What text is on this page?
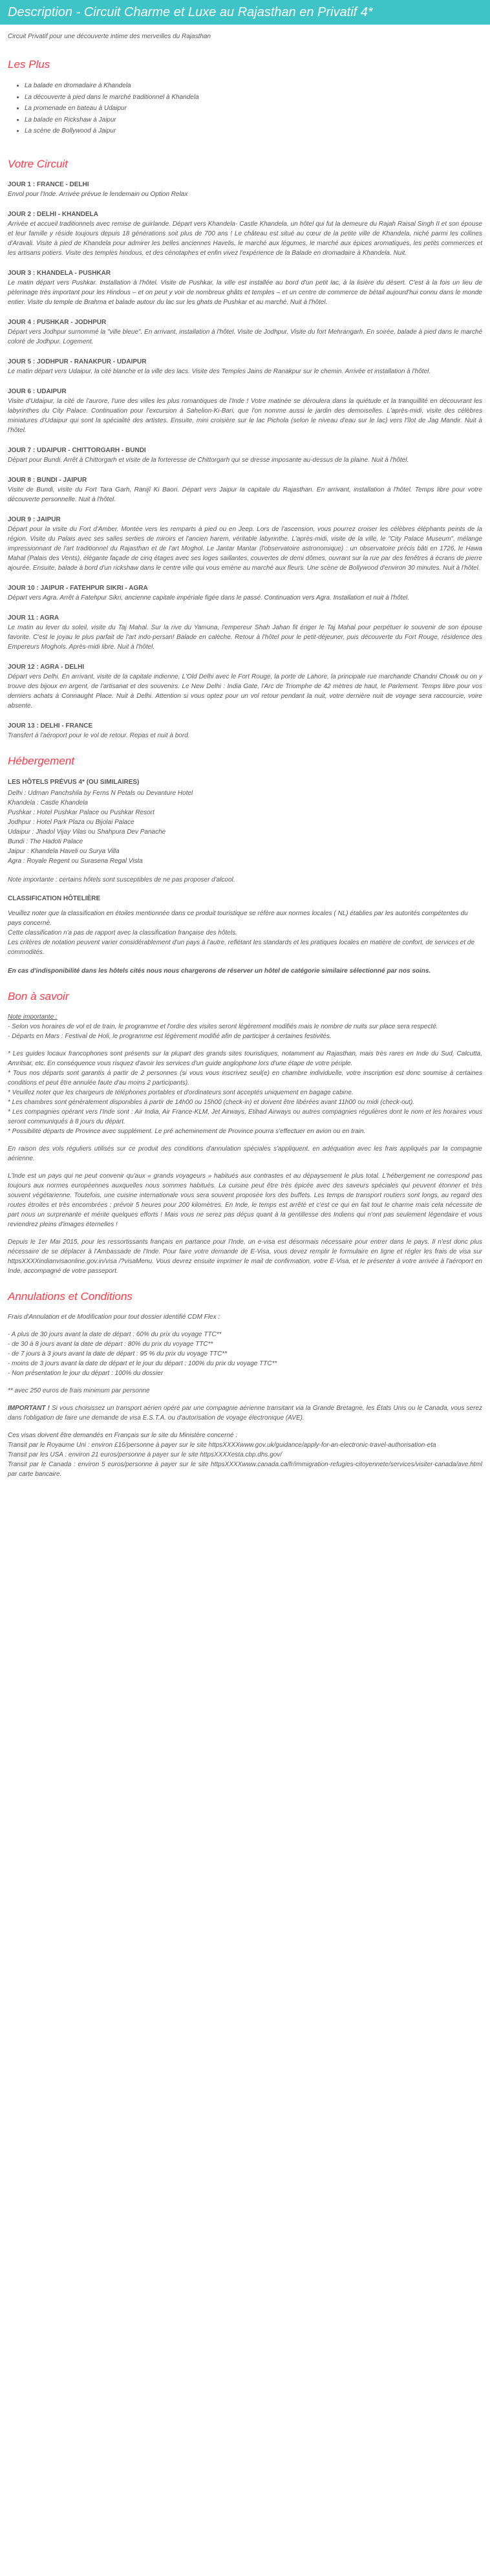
Description - Circuit Charme et Luxe au Rajasthan en Privatif 4*

Circuit Privatif pour une découverte intime des merveilles du Rajasthan

Les Plus
• La balade en dromadaire à Khandela
• La découverte à pied dans le marché traditionnel à Khandela
• La promenade en bateau à Udaipur
• La balade en Rickshaw à Jaipur
• La scène de Bollywood à Jaipur
Votre Circuit
JOUR 1 : FRANCE - DELHI

Envol pour l'Inde. Arrivée prévue le lendemain ou Option Relax

JOUR 2 : DELHI - KHANDELA

Arrivée et accueil traditionnels avec remise de guirlande. Départ vers Khandela- Castle Khandela, un hôtel qui fut la demeure du Rajah Raisal Singh II et son épouse et leur famille y réside toujours depuis 18 générations soit plus de 700 ans ! Le château est situé au cœur de la petite ville de Khandela, niché parmi les collines d'Aravali. Visite à pied de Khandela pour admirer les belles anciennes Havelis, le marché aux légumes, le marché aux épices aromatiques, les petits commerces et les artisans potiers. Visite des temples hindous, et des cénotaphes et enfin vivez l'expérience de la Balade en dromadaire à Khandela. Nuit.

JOUR 3 : KHANDELA - PUSHKAR

Le matin départ vers Pushkar. Installation à l'hôtel. Visite de Pushkar, la ville est installée au bord d'un petit lac, à la lisière du désert. C'est à la fois un lieu de pèlerinage très important pour les Hindous – et on peut y voir de nombreux ghâts et temples – et un centre de commerce de bétail aujourd'hui connu dans le monde entier. Visite du temple de Brahma et balade autour du lac sur les ghats de Pushkar et au marché. Nuit à l'hôtel.

JOUR 4 : PUSHKAR - JODHPUR

Départ vers Jodhpur surnommé la "ville bleue". En arrivant, installation à l'hôtel. Visite de Jodhpur. Visite du fort Mehrangarh. En soirée, balade à pied dans le marché coloré de Jodhpur. Logement.

JOUR 5 : JODHPUR - RANAKPUR - UDAIPUR

Le matin départ vers Udaipur, la cité blanche et la ville des lacs. Visite des Temples Jains de Ranakpur sur le chemin. Arrivée et installation à l'hôtel.

JOUR 6 : UDAIPUR

Visite d'Udaipur, la cité de l'aurore, l'une des villes les plus romantiques de l'Inde ! Votre matinée se déroulera dans la quiétude et la tranquillité en découvrant les labyrinthes du City Palace. Continuation pour l'excursion à Sahelion-Ki-Bari, que l'on nomme aussi le jardin des demoiselles. L'après-midi, visite des célèbres miniatures d'Udaipur qui sont la spécialité des artistes. Ensuite, mini croisière sur le lac Pichola (selon le niveau d'eau sur le lac) vers l'îlot de Jag Mandir. Nuit à l'hôtel.

JOUR 7 : UDAIPUR - CHITTORGARH - BUNDI

Départ pour Bundi. Arrêt à Chittorgarh et visite de la forteresse de Chittorgarh qui se dresse imposante au-dessus de la plaine. Nuit à l'hôtel.

JOUR 8 : BUNDI - JAIPUR

Visite de Bundi, visite du Fort Tara Garh, Ranijî Ki Baori. Départ vers Jaipur la capitale du Rajasthan. En arrivant, installation à l'hôtel. Temps libre pour votre découverte personnelle. Nuit à l'hôtel.

JOUR 9 : JAIPUR

Départ pour la visite du Fort d'Amber. Montée vers les remparts à pied ou en Jeep. Lors de l'ascension, vous pourrez croiser les célèbres éléphants peints de la région. Visite du Palais avec ses salles serties de miroirs et l'ancien harem, véritable labyrinthe. L'après-midi, visite de la ville, le "City Palace Museum", mélange impressionnant de l'art traditionnel du Rajasthan et de l'art Moghol. Le Jantar Mantar (l'observatoire astronomique) : un observatoire précis bâti en 1726, le Hawa Mahal (Palais des Vents), élégante façade de cinq étages avec ses loges saillantes, couvertes de demi dômes, ouvrant sur la rue par des fenêtres à écrans de pierre ajourée. Ensuite, balade à bord d'un rickshaw dans le centre ville qui vous emène au marché aux fleurs. Une scène de Bollywood d'environ 30 minutes. Nuit à l'hôtel.

JOUR 10 : JAIPUR - FATEHPUR SIKRI - AGRA

Départ vers Agra. Arrêt à Fatehpur Sikri, ancienne capitale impériale figée dans le passé. Continuation vers Agra. Installation et nuit à l'hôtel.

JOUR 11 : AGRA

Le matin au lever du soleil, visite du Taj Mahal. Sur la rive du Yamuna, l'empereur Shah Jahan fit ériger le Taj Mahal pour perpétuer le souvenir de son épouse favorite. C'est le joyau le plus parfait de l'art indo-persan! Balade en calèche. Retour à l'hôtel pour le petit-déjeuner, puis découverte du Fort Rouge, résidence des Empereurs Moghols. Après-midi libre. Nuit à l'hôtel.

JOUR 12 : AGRA - DELHI

Départ vers Delhi. En arrivant, visite de la capitale indienne, L'Old Delhi avec le Fort Rouge, la porte de Lahore, la principale rue marchande Chandni Chowk ou on y trouve des bijoux en argent, de l'artisanat et des souvenirs. Le New Delhi : India Gate, l'Arc de Triomphe de 42 mètres de haut, le Parlement. Temps libre pour vos derniers achats à Connaught Place. Nuit à Delhi. Attention si vous optez pour un vol retour pendant la nuit, votre dernière nuit de voyage sera raccourcie, voire absente.

JOUR 13 : DELHI - FRANCE

Transfert à l'aéroport pour le vol de retour. Repas et nuit à bord.

Hébergement
LES HÔTELS PRÉVUS 4* (OU SIMILAIRES)
Delhi : Udman Panchshila by Ferns N Petals ou Devanture Hotel
Khandela : Castle Khandela
Pushkar : Hotel Pushkar Palace ou Pushkar Resort
Jodhpur : Hotel Park Plaza ou Bijolai Palace
Udaipur : Jhadol Vijay Vilas ou Shahpura Dev Panache
Bundi : The Hadoti Palace
Jaipur : Khandela Haveli ou Surya Villa
Agra : Royale Regent ou Surasena Regal Vista

Note importante : certains hôtels sont susceptibles de ne pas proposer d'alcool.

CLASSIFICATION HÔTELIÈRE

Veuillez noter que la classification en étoiles mentionnée dans ce produit touristique se réfère aux normes locales ( NL) établies par les autorités compétentes du pays concerné.

Cette classification n'a pas de rapport avec la classification française des hôtels.

Les critères de notation peuvent varier considérablement d'un pays à l'autre, reflétant les standards et les pratiques locales en matière de confort, de services et de commodités.

En cas d'indisponibilité dans les hôtels cités nous nous chargerons de réserver un hôtel de catégorie similaire sélectionné par nos soins.

Bon à savoir

Note importante :

- Selon vos horaires de vol et de train, le programme et l'ordre des visites seront légèrement modifiés mais le nombre de nuits sur place sera respecté.

- Départs en Mars : Festival de Holi, le programme est légèrement modifié afin de participer à certaines festivités.

* Les guides locaux francophones sont présents sur la plupart des grands sites touristiques, notamment au Rajasthan, mais très rares en Inde du Sud, Calcutta, Amritsar, etc. En conséquence vous risquez d'avoir les services d'un guide anglophone lors d'une étape de votre périple.

* Tous nos départs sont garantis à partir de 2 personnes (si vous vous inscrivez seul(e) en chambre individuelle, votre inscription est donc soumise à certaines conditions et peut être annulée faute d'au moins 2 participants).

* Veuillez noter que les chargeurs de téléphones portables et d'ordinateurs sont acceptés uniquement en bagage cabine.

* Les chambres sont généralement disponibles à partir de 14h00 ou 15h00 (check-in) et doivent être libérées avant 11h00 ou midi (check-out).

* Les compagnies opérant vers l'Inde sont : Air India, Air France-KLM, Jet Airways, Etihad Airways ou autres compagnies régulières dont le nom et les horaires vous seront communiqués à 8 jours du départ.

* Possibilité départs de Province avec supplément. Le pré acheminement de Province pourra s'effectuer en avion ou en train.

En raison des vols réguliers utilisés sur ce produit des conditions d'annulation spéciales s'appliquent, en adéquation avec les frais appliqués par la compagnie aérienne.

L'Inde est un pays qui ne peut convenir qu'aux « grands voyageurs » habitués aux contrastes et au dépaysement le plus total. L'hébergement ne correspond pas toujours aux normes européennes auxquelles nous sommes habitués. La cuisine peut être très épicée avec des saveurs spéciales qui peuvent étonner et très souvent végétarienne. Toutefois, une cuisine internationale vous sera souvent proposée lors des buffets. Les temps de transport routiers sont longs, au regard des routes étroites et très encombrées : prévoir 5 heures pour 200 kilomètres. En Inde, le temps est arrêté et c'est ce qui en fait tout le charme mais cela nécessite de part nous un surprenante et mérite quelques efforts ! Mais vous ne serez pas déçus quant à la gentillesse des Indiens qui n'ont pas seulement légendaire et vous reviendrez pleins d'images éternelles !

Depuis le 1er Mai 2015, pour les ressortissants français en partance pour l'Inde, un e-visa est désormais nécessaire pour entrer dans le pays. Il n'est donc plus nécessaire de se déplacer à l'Ambassade de l'Inde. Pour faire votre demande de E-Visa, vous devez remplir le formulaire en ligne et régler les frais de visa sur httpsXXXXindianvisaonline.gov.in/visa /?visaMenu. Vous devrez ensuite imprimer le mail de confirmation, votre E-Visa, et le présenter à votre arrivée à l'aéroport en Inde, accompagné de votre passeport.

Annulations et Conditions

Frais d'Annulation et de Modification pour tout dossier identifié CDM Flex :

- A plus de 30 jours avant la date de départ : 60% du prix du voyage TTC**

- de 30 à 8 jours avant la date de départ : 80% du prix du voyage TTC**

- de 7 jours à 3 jours avant la date de départ : 95 % du prix du voyage TTC**

- moins de 3 jours avant la date de départ et le jour du départ : 100% du prix du voyage TTC**

- Non présentation le jour du départ : 100% du dossier

** avec 250 euros de frais minimum par personne

IMPORTANT ! Si vous choisissez un transport aérien opéré par une compagnie aérienne transitant via la Grande Bretagne, les États Unis ou le Canada, vous serez dans l'obligation de faire une demande de visa E.S.T.A. ou d'autorisation de voyage électronique (AVE).

Ces visas doivent être demandés en Français sur le site du Ministère concerné :

Transit par le Royaume Uni : environ £16/personne à payer sur le site httpsXXXXwww.gov.uk/guidance/apply-for-an-electronic-travel-authorisation-eta

Transit par les USA : environ 21 euros/personne à payer sur le site httpsXXXXesta.cbp.dhs.gov/

Transit par le Canada : environ 5 euros/personne à payer sur le site httpsXXXXwww.canada.ca/fr/immigration-refugies-citoyennete/services/visiter-canada/ave.html par carte bancaire.
